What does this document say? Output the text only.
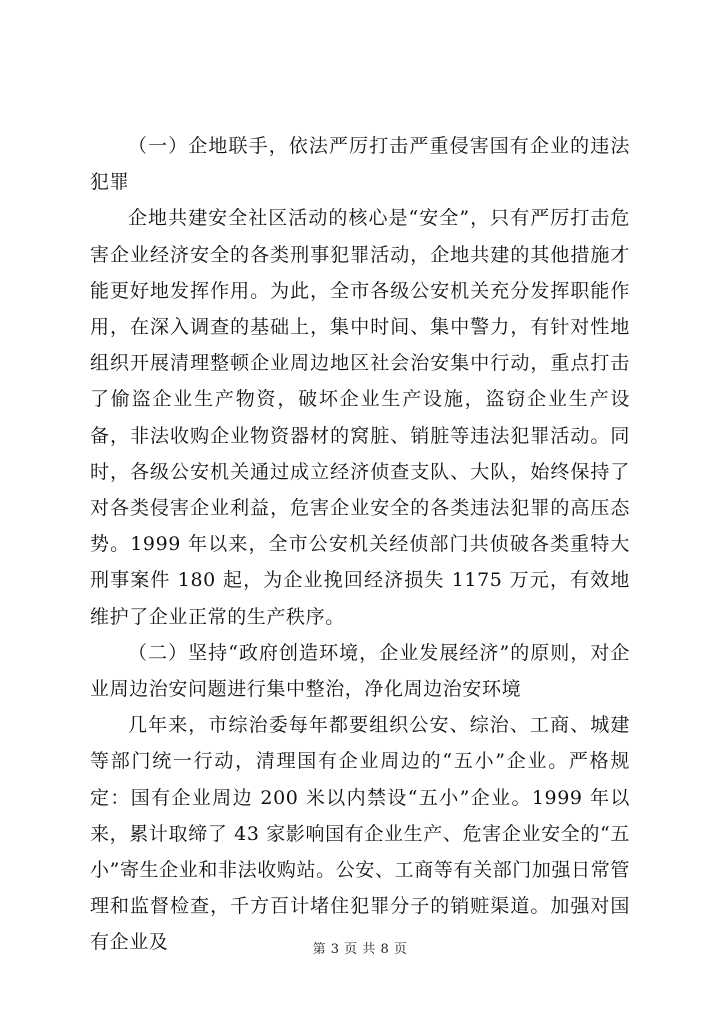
（一）企地联手，依法严厉打击严重侵害国有企业的违法犯罪

企地共建安全社区活动的核心是“安全”，只有严厉打击危害企业经济安全的各类刑事犯罪活动，企地共建的其他措施才能更好地发挥作用。为此，全市各级公安机关充分发挥职能作用，在深入调查的基础上，集中时间、集中警力，有针对性地组织开展清理整顿企业周边地区社会治安集中行动，重点打击了偷盗企业生产物资，破坏企业生产设施，盗窃企业生产设备，非法收购企业物资器材的窝脏、销脏等违法犯罪活动。同时，各级公安机关通过成立经济侦查支队、大队，始终保持了对各类侵害企业利益，危害企业安全的各类违法犯罪的高压态势。1999 年以来，全市公安机关经侦部门共侦破各类重特大刑事案件 180 起，为企业挽回经济损失 1175 万元，有效地维护了企业正常的生产秩序。

（二）坚持“政府创造环境，企业发展经济”的原则，对企业周边治安问题进行集中整治，净化周边治安环境

几年来，市综治委每年都要组织公安、综治、工商、城建等部门统一行动，清理国有企业周边的“五小”企业。严格规定：国有企业周边 200 米以内禁设“五小”企业。1999 年以来，累计取缔了 43 家影响国有企业生产、危害企业安全的“五小”寄生企业和非法收购站。公安、工商等有关部门加强日常管理和监督检查，千方百计堵住犯罪分子的销赃渠道。加强对国有企业及	第 3 页 共 8 页
